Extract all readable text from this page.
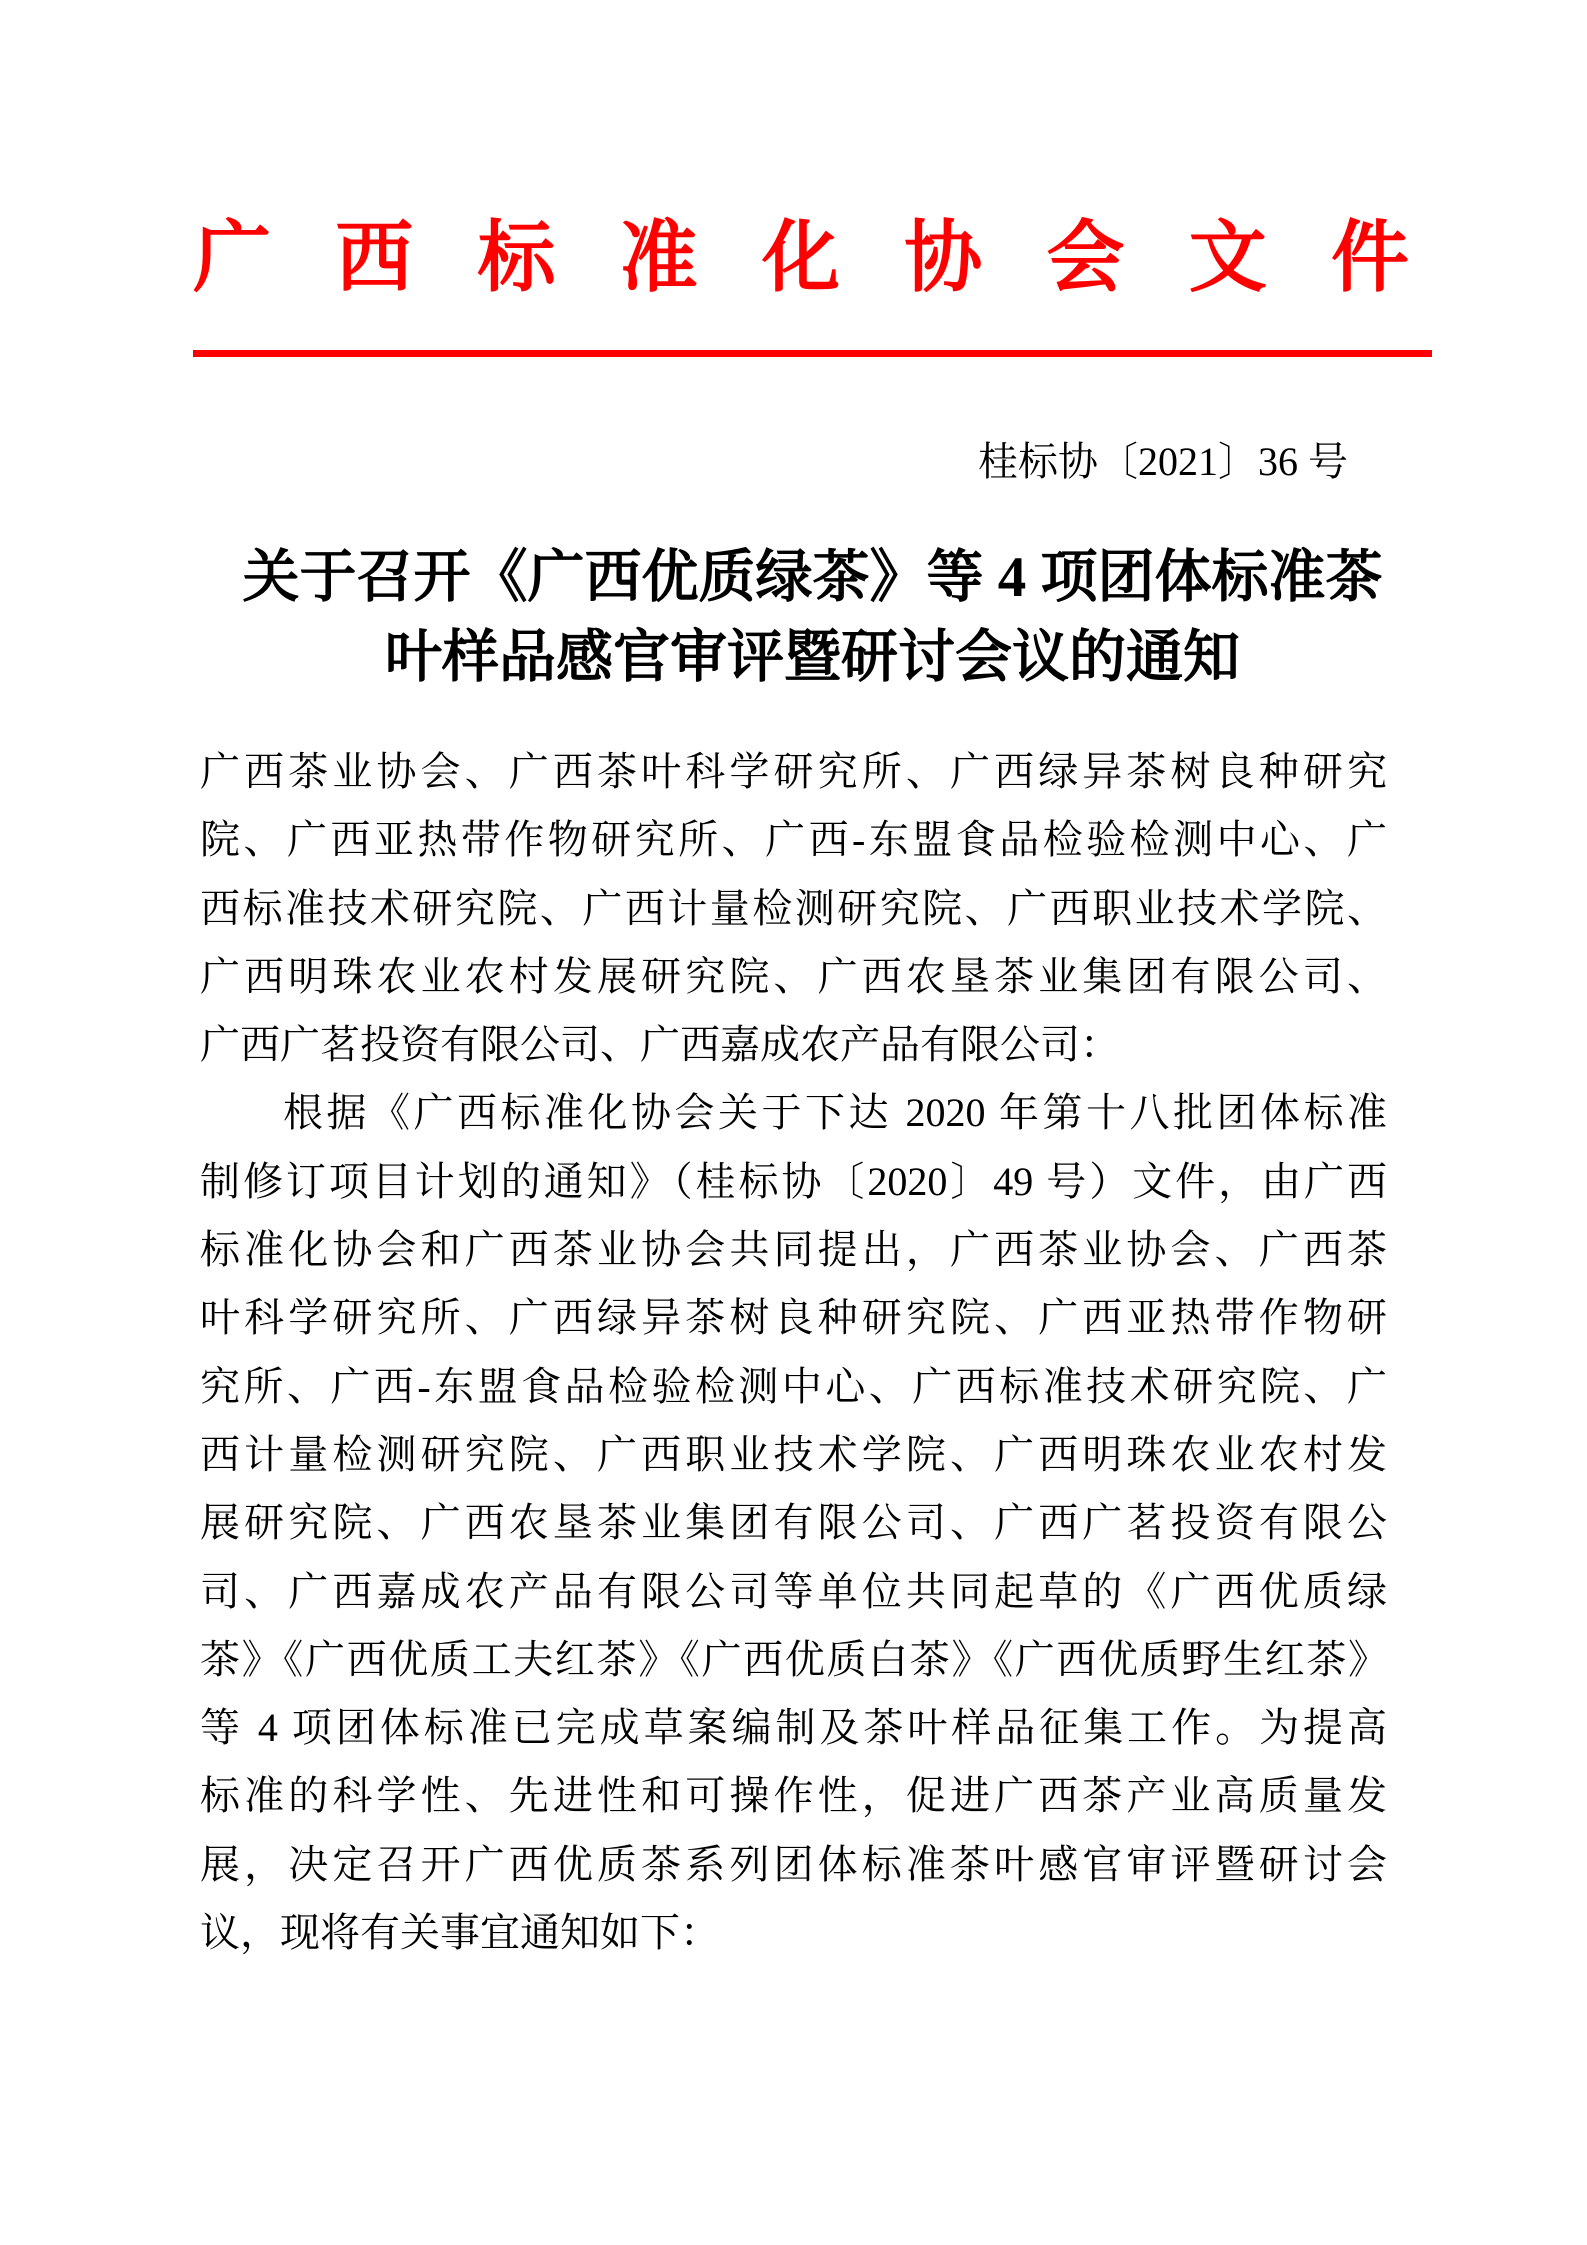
广西标准化协会文件
桂标协〔2021〕36 号
关于召开《广西优质绿茶》等 4 项团体标准茶
叶样品感官审评暨研讨会议的通知
广西茶业协会、广西茶叶科学研究所、广西绿异茶树良种研究
院、广西亚热带作物研究所、广西-东盟食品检验检测中心、广
西标准技术研究院、广西计量检测研究院、广西职业技术学院、
广西明珠农业农村发展研究院、广西农垦茶业集团有限公司、
广西广茗投资有限公司、广西嘉成农产品有限公司：
根据《广西标准化协会关于下达 2020 年第十八批团体标准
制修订项目计划的通知》（桂标协〔2020〕49 号）文件，由广西
标准化协会和广西茶业协会共同提出，广西茶业协会、广西茶
叶科学研究所、广西绿异茶树良种研究院、广西亚热带作物研
究所、广西-东盟食品检验检测中心、广西标准技术研究院、广
西计量检测研究院、广西职业技术学院、广西明珠农业农村发
展研究院、广西农垦茶业集团有限公司、广西广茗投资有限公
司、广西嘉成农产品有限公司等单位共同起草的《广西优质绿
茶》《广西优质工夫红茶》《广西优质白茶》《广西优质野生红茶》
等 4 项团体标准已完成草案编制及茶叶样品征集工作。为提高
标准的科学性、先进性和可操作性，促进广西茶产业高质量发
展，决定召开广西优质茶系列团体标准茶叶感官审评暨研讨会
议，现将有关事宜通知如下：
